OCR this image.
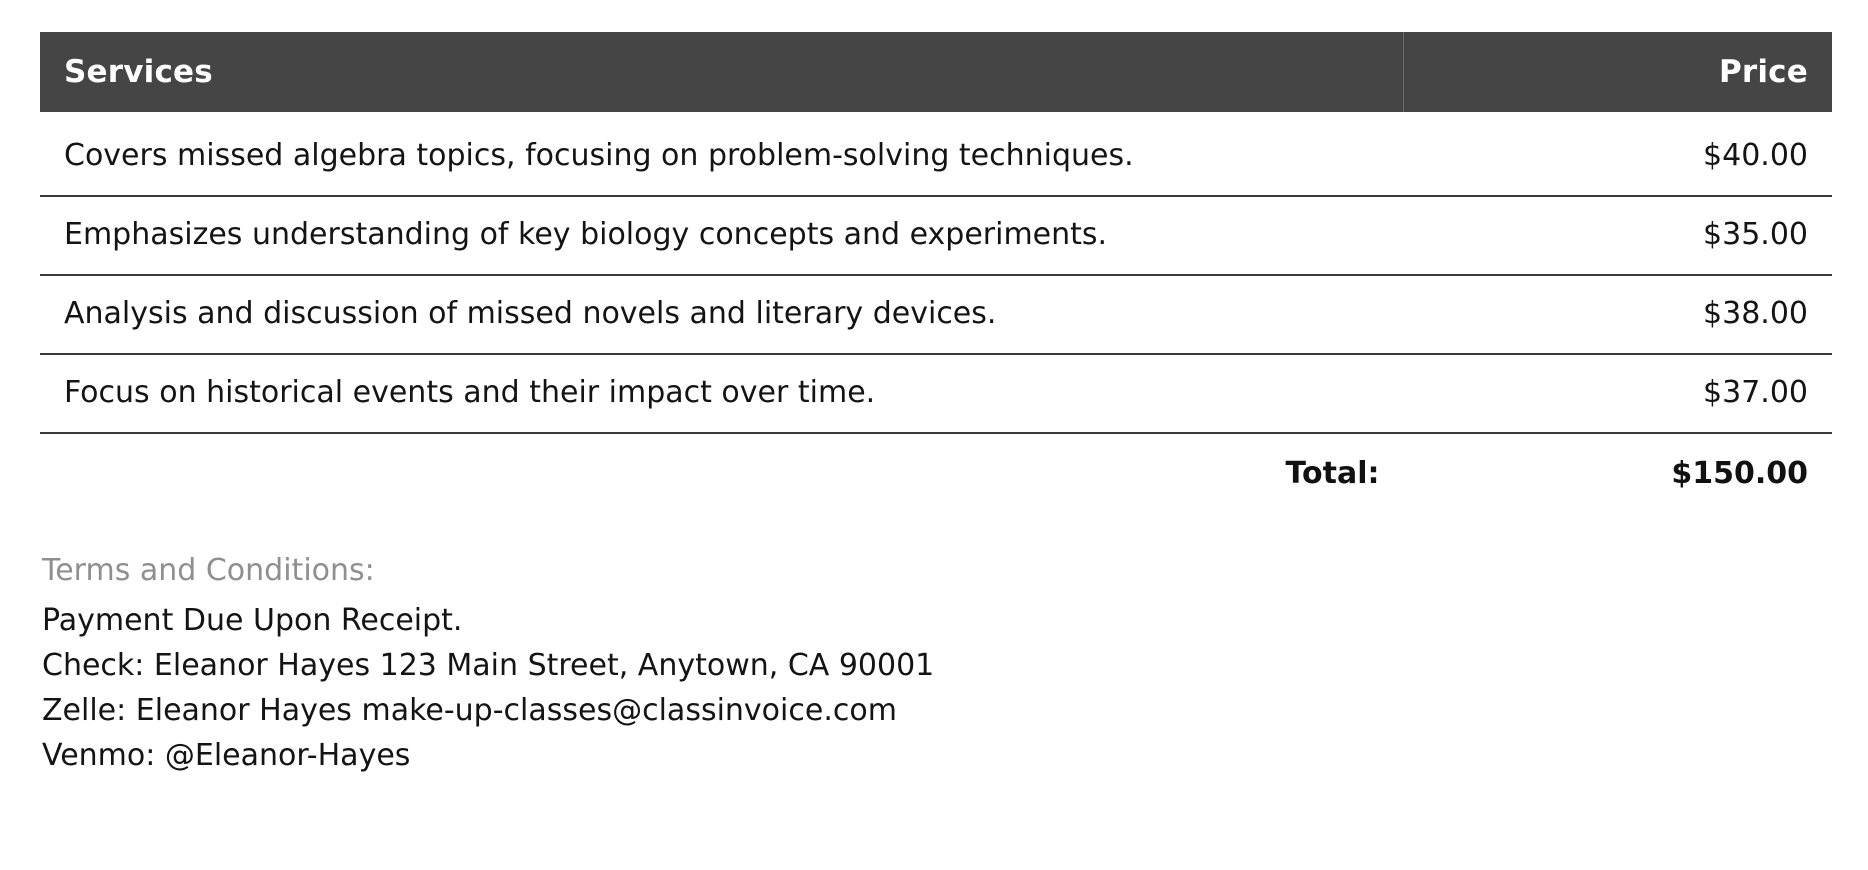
Services	Price
Covers missed algebra topics, focusing on problem-solving techniques.	$40.00
Emphasizes understanding of key biology concepts and experiments.	$35.00
Analysis and discussion of missed novels and literary devices.	$38.00
Focus on historical events and their impact over time.	$37.00
Total:	$150.00
Terms and Conditions:
Payment Due Upon Receipt.
Check: Eleanor Hayes 123 Main Street, Anytown, CA 90001
Zelle: Eleanor Hayes make-up-classes@classinvoice.com
Venmo: @Eleanor-Hayes
